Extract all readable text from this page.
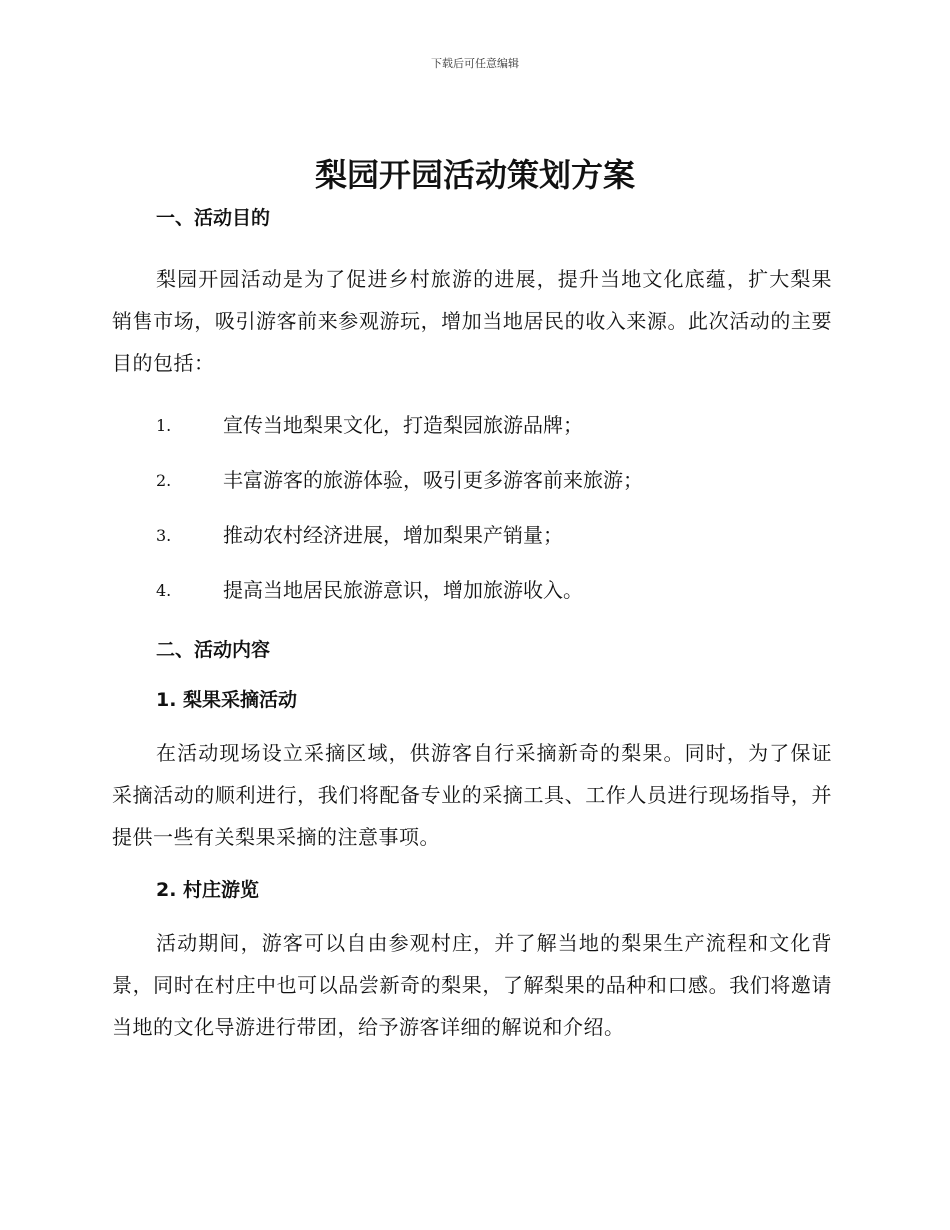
下载后可任意编辑
梨园开园活动策划方案
一、活动目的

梨园开园活动是为了促进乡村旅游的进展，提升当地文化底蕴，扩大梨果销售市场，吸引游客前来参观游玩，增加当地居民的收入来源。此次活动的主要目的包括：

1.	宣传当地梨果文化，打造梨园旅游品牌；
2.	丰富游客的旅游体验，吸引更多游客前来旅游；
3.	推动农村经济进展，增加梨果产销量；
4.	提高当地居民旅游意识，增加旅游收入。
二、活动内容
1. 梨果采摘活动

在活动现场设立采摘区域，供游客自行采摘新奇的梨果。同时，为了保证采摘活动的顺利进行，我们将配备专业的采摘工具、工作人员进行现场指导，并提供一些有关梨果采摘的注意事项。

2. 村庄游览

活动期间，游客可以自由参观村庄，并了解当地的梨果生产流程和文化背景，同时在村庄中也可以品尝新奇的梨果，了解梨果的品种和口感。我们将邀请当地的文化导游进行带团，给予游客详细的解说和介绍。
